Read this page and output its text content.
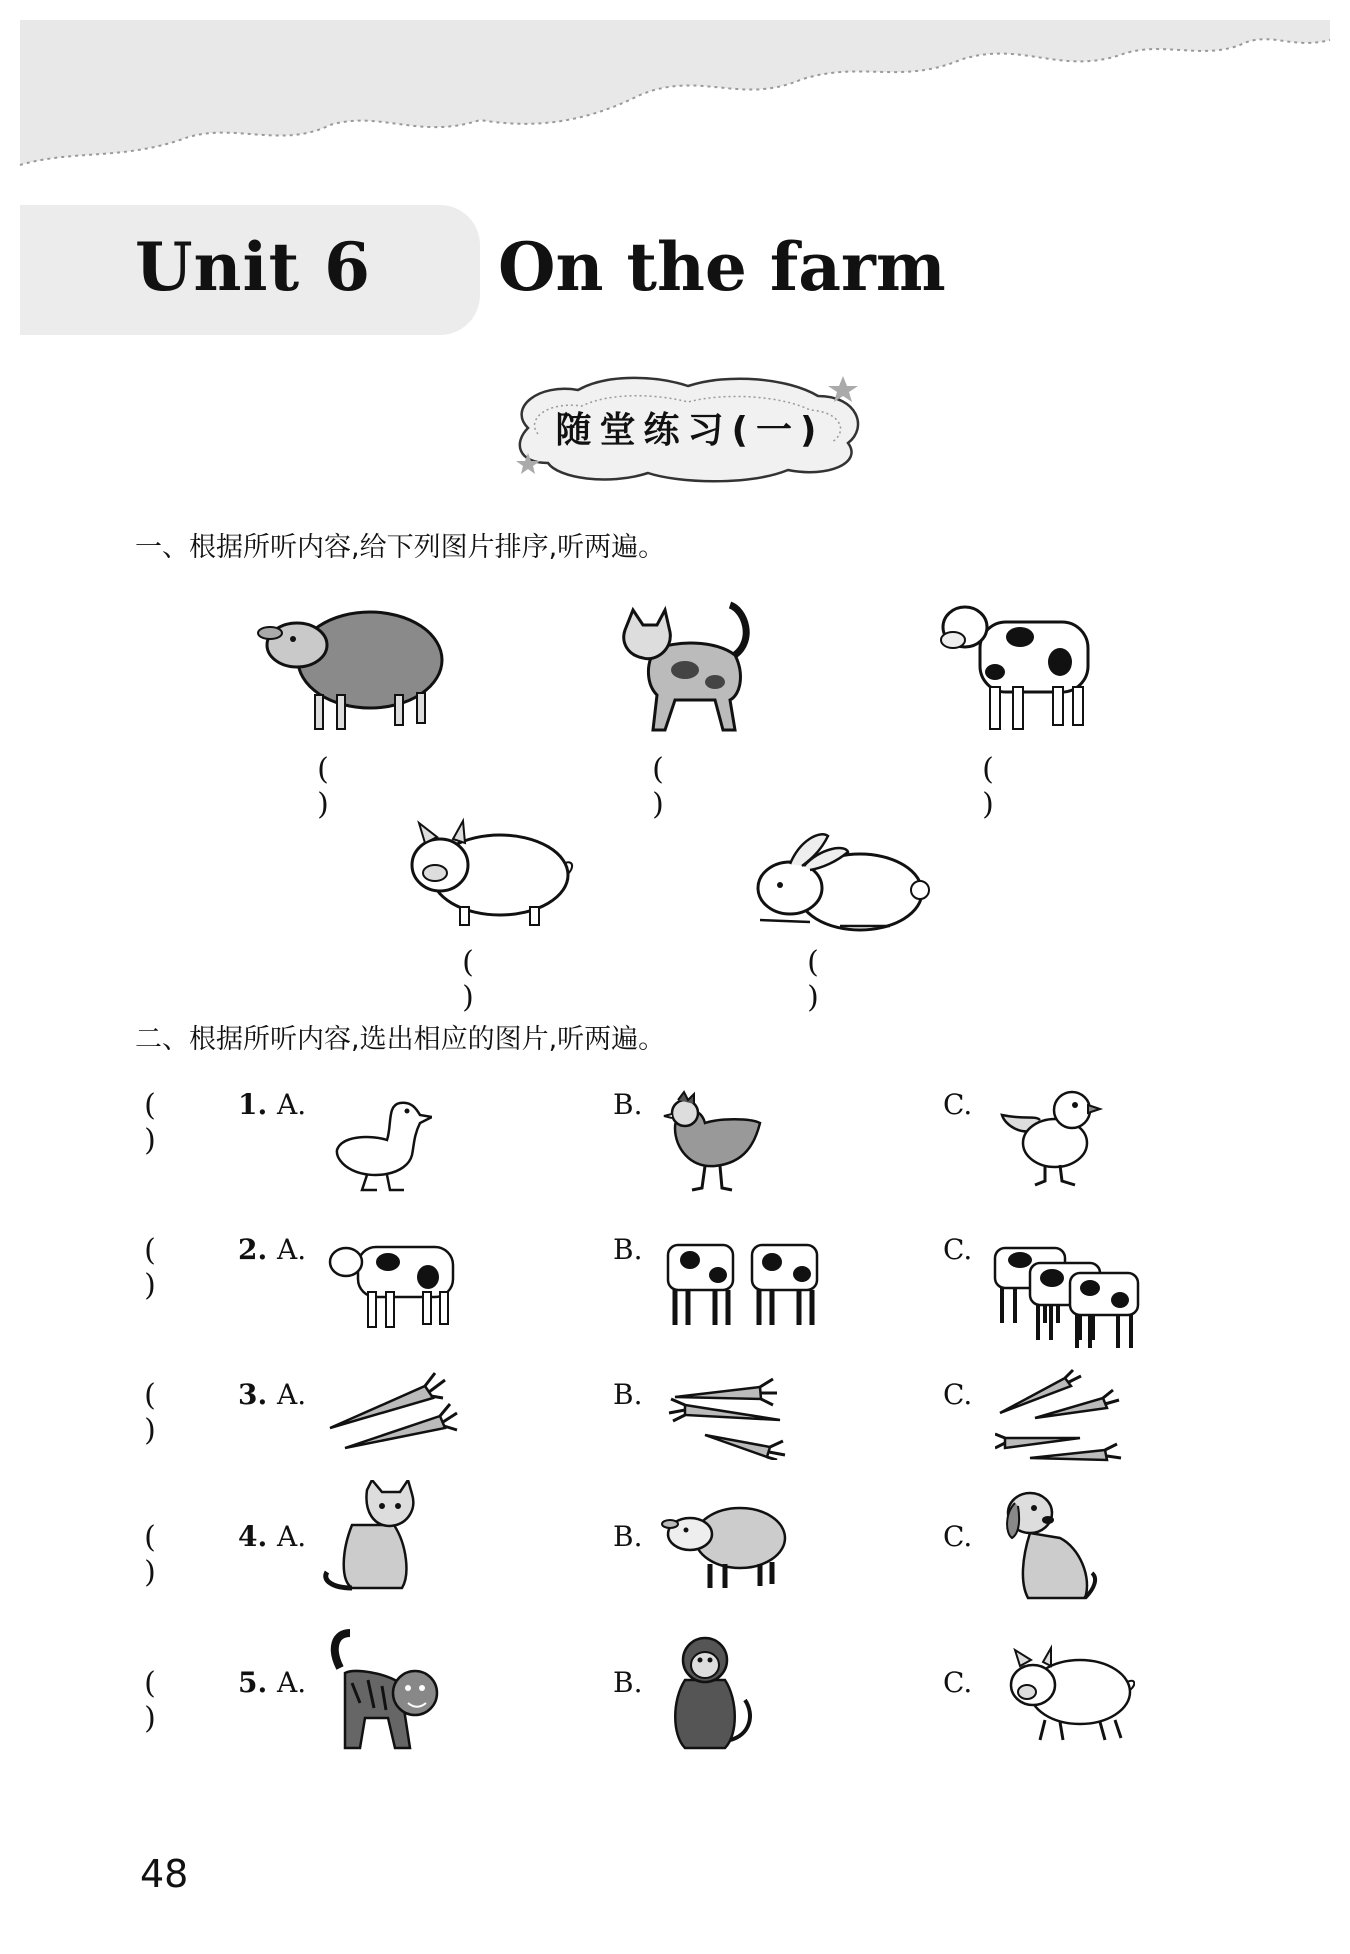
Unit 6 On the farm
随堂练习(一)
一、根据所听内容,给下列图片排序,听两遍。
( )
( )
( )
( )
( )
二、根据所听内容,选出相应的图片,听两遍。
( )
1. A.	B.	C.
( )
2. A.	B.	C.
( )
3. A.	B.	C.
( )
4. A.	B.	C.
( )
5. A.	B.	C.
48
